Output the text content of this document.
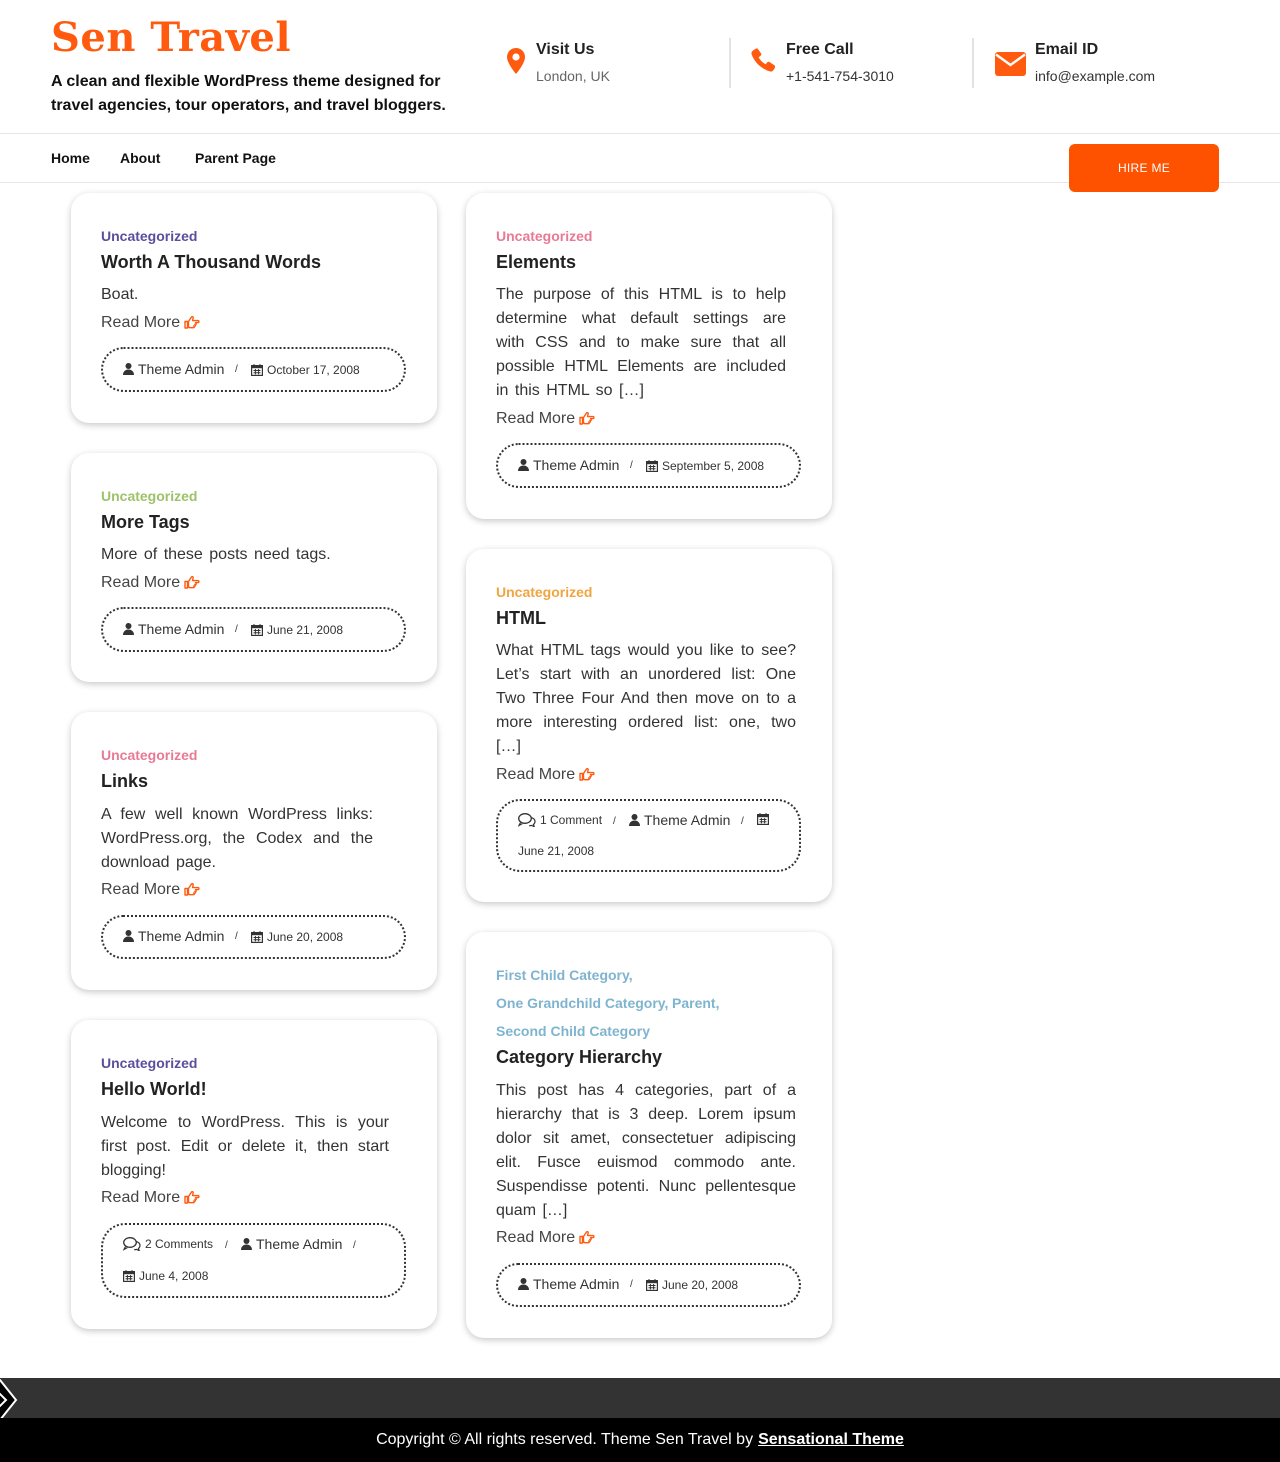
Sen Travel
A clean and flexible WordPress theme designed for travel agencies, tour operators, and travel bloggers.
Visit Us
London, UK
Free Call
+1-541-754-3010
Email ID
info@example.com
Home About Parent Page
HIRE ME
Uncategorized
Worth A Thousand Words
Boat.
Read More
Theme Admin / October 17, 2008
Uncategorized
More Tags
More of these posts need tags.
Read More
Theme Admin / June 21, 2008
Uncategorized
Links
A few well known WordPress links: WordPress.org, the Codex and the download page.
Read More
Theme Admin / June 20, 2008
Uncategorized
Hello World!
Welcome to WordPress. This is your first post. Edit or delete it, then start blogging!
Read More
2 Comments / Theme Admin /
June 4, 2008
Uncategorized
Elements
The purpose of this HTML is to help determine what default settings are with CSS and to make sure that all possible HTML Elements are included in this HTML so […]
Read More
Theme Admin / September 5, 2008
Uncategorized
HTML
What HTML tags would you like to see? Let’s start with an unordered list: One Two Three Four And then move on to a more interesting ordered list: one, two […]
Read More
1 Comment / Theme Admin /
June 21, 2008
First Child Category,
One Grandchild Category, Parent,
Second Child Category
Category Hierarchy
This post has 4 categories, part of a hierarchy that is 3 deep. Lorem ipsum dolor sit amet, consectetuer adipiscing elit. Fusce euismod commodo ante. Suspendisse potenti. Nunc pellentesque quam […]
Read More
Theme Admin / June 20, 2008
Copyright © All rights reserved. Theme Sen Travel by Sensational Theme
